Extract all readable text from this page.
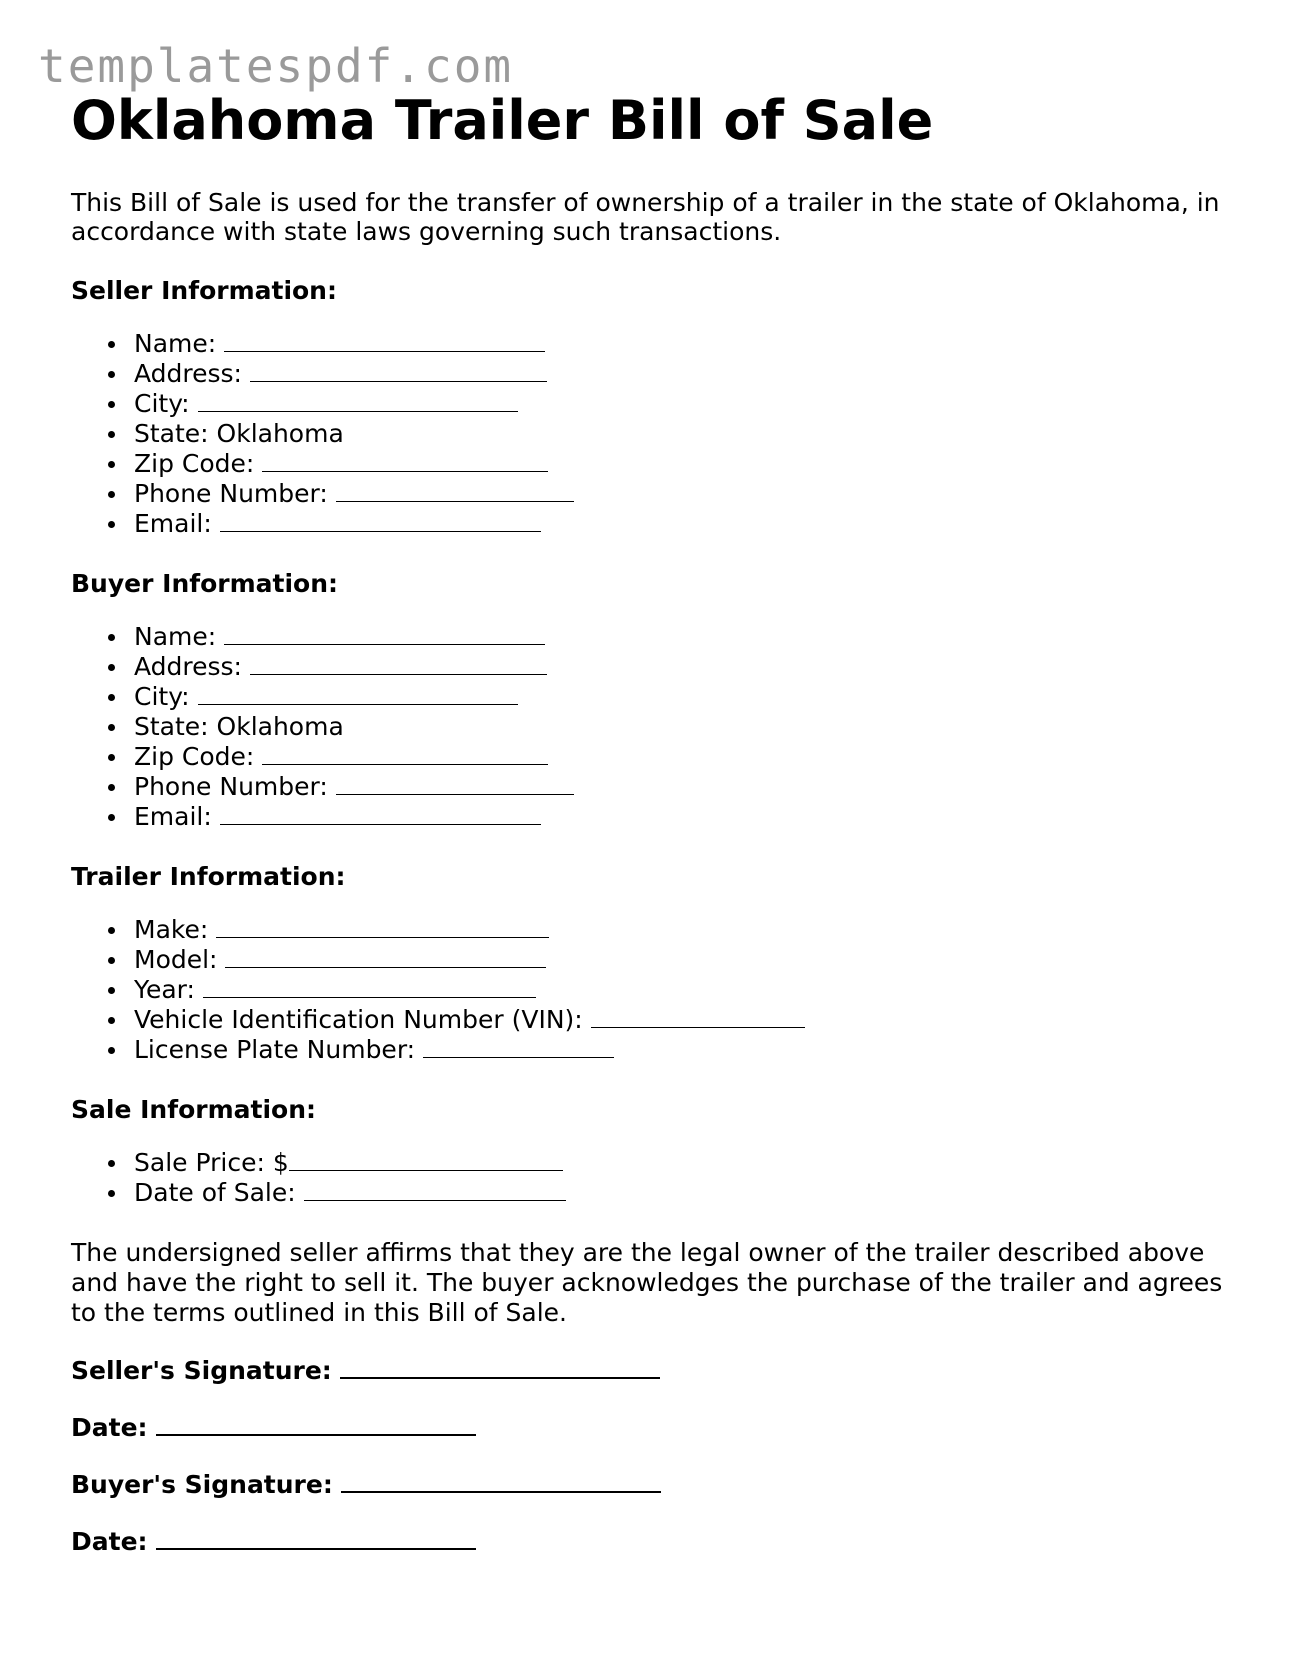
templatespdf.com
Oklahoma Trailer Bill of Sale

This Bill of Sale is used for the transfer of ownership of a trailer in the state of Oklahoma, in accordance with state laws governing such transactions.

Seller Information:
Name:
Address:
City:
State: Oklahoma
Zip Code:
Phone Number:
Email:
Buyer Information:
Name:
Address:
City:
State: Oklahoma
Zip Code:
Phone Number:
Email:
Trailer Information:
Make:
Model:
Year:
Vehicle Identification Number (VIN):
License Plate Number:
Sale Information:
Sale Price: $
Date of Sale:

The undersigned seller affirms that they are the legal owner of the trailer described above and have the right to sell it. The buyer acknowledges the purchase of the trailer and agrees to the terms outlined in this Bill of Sale.

Seller's Signature:
Date:
Buyer's Signature:
Date:
